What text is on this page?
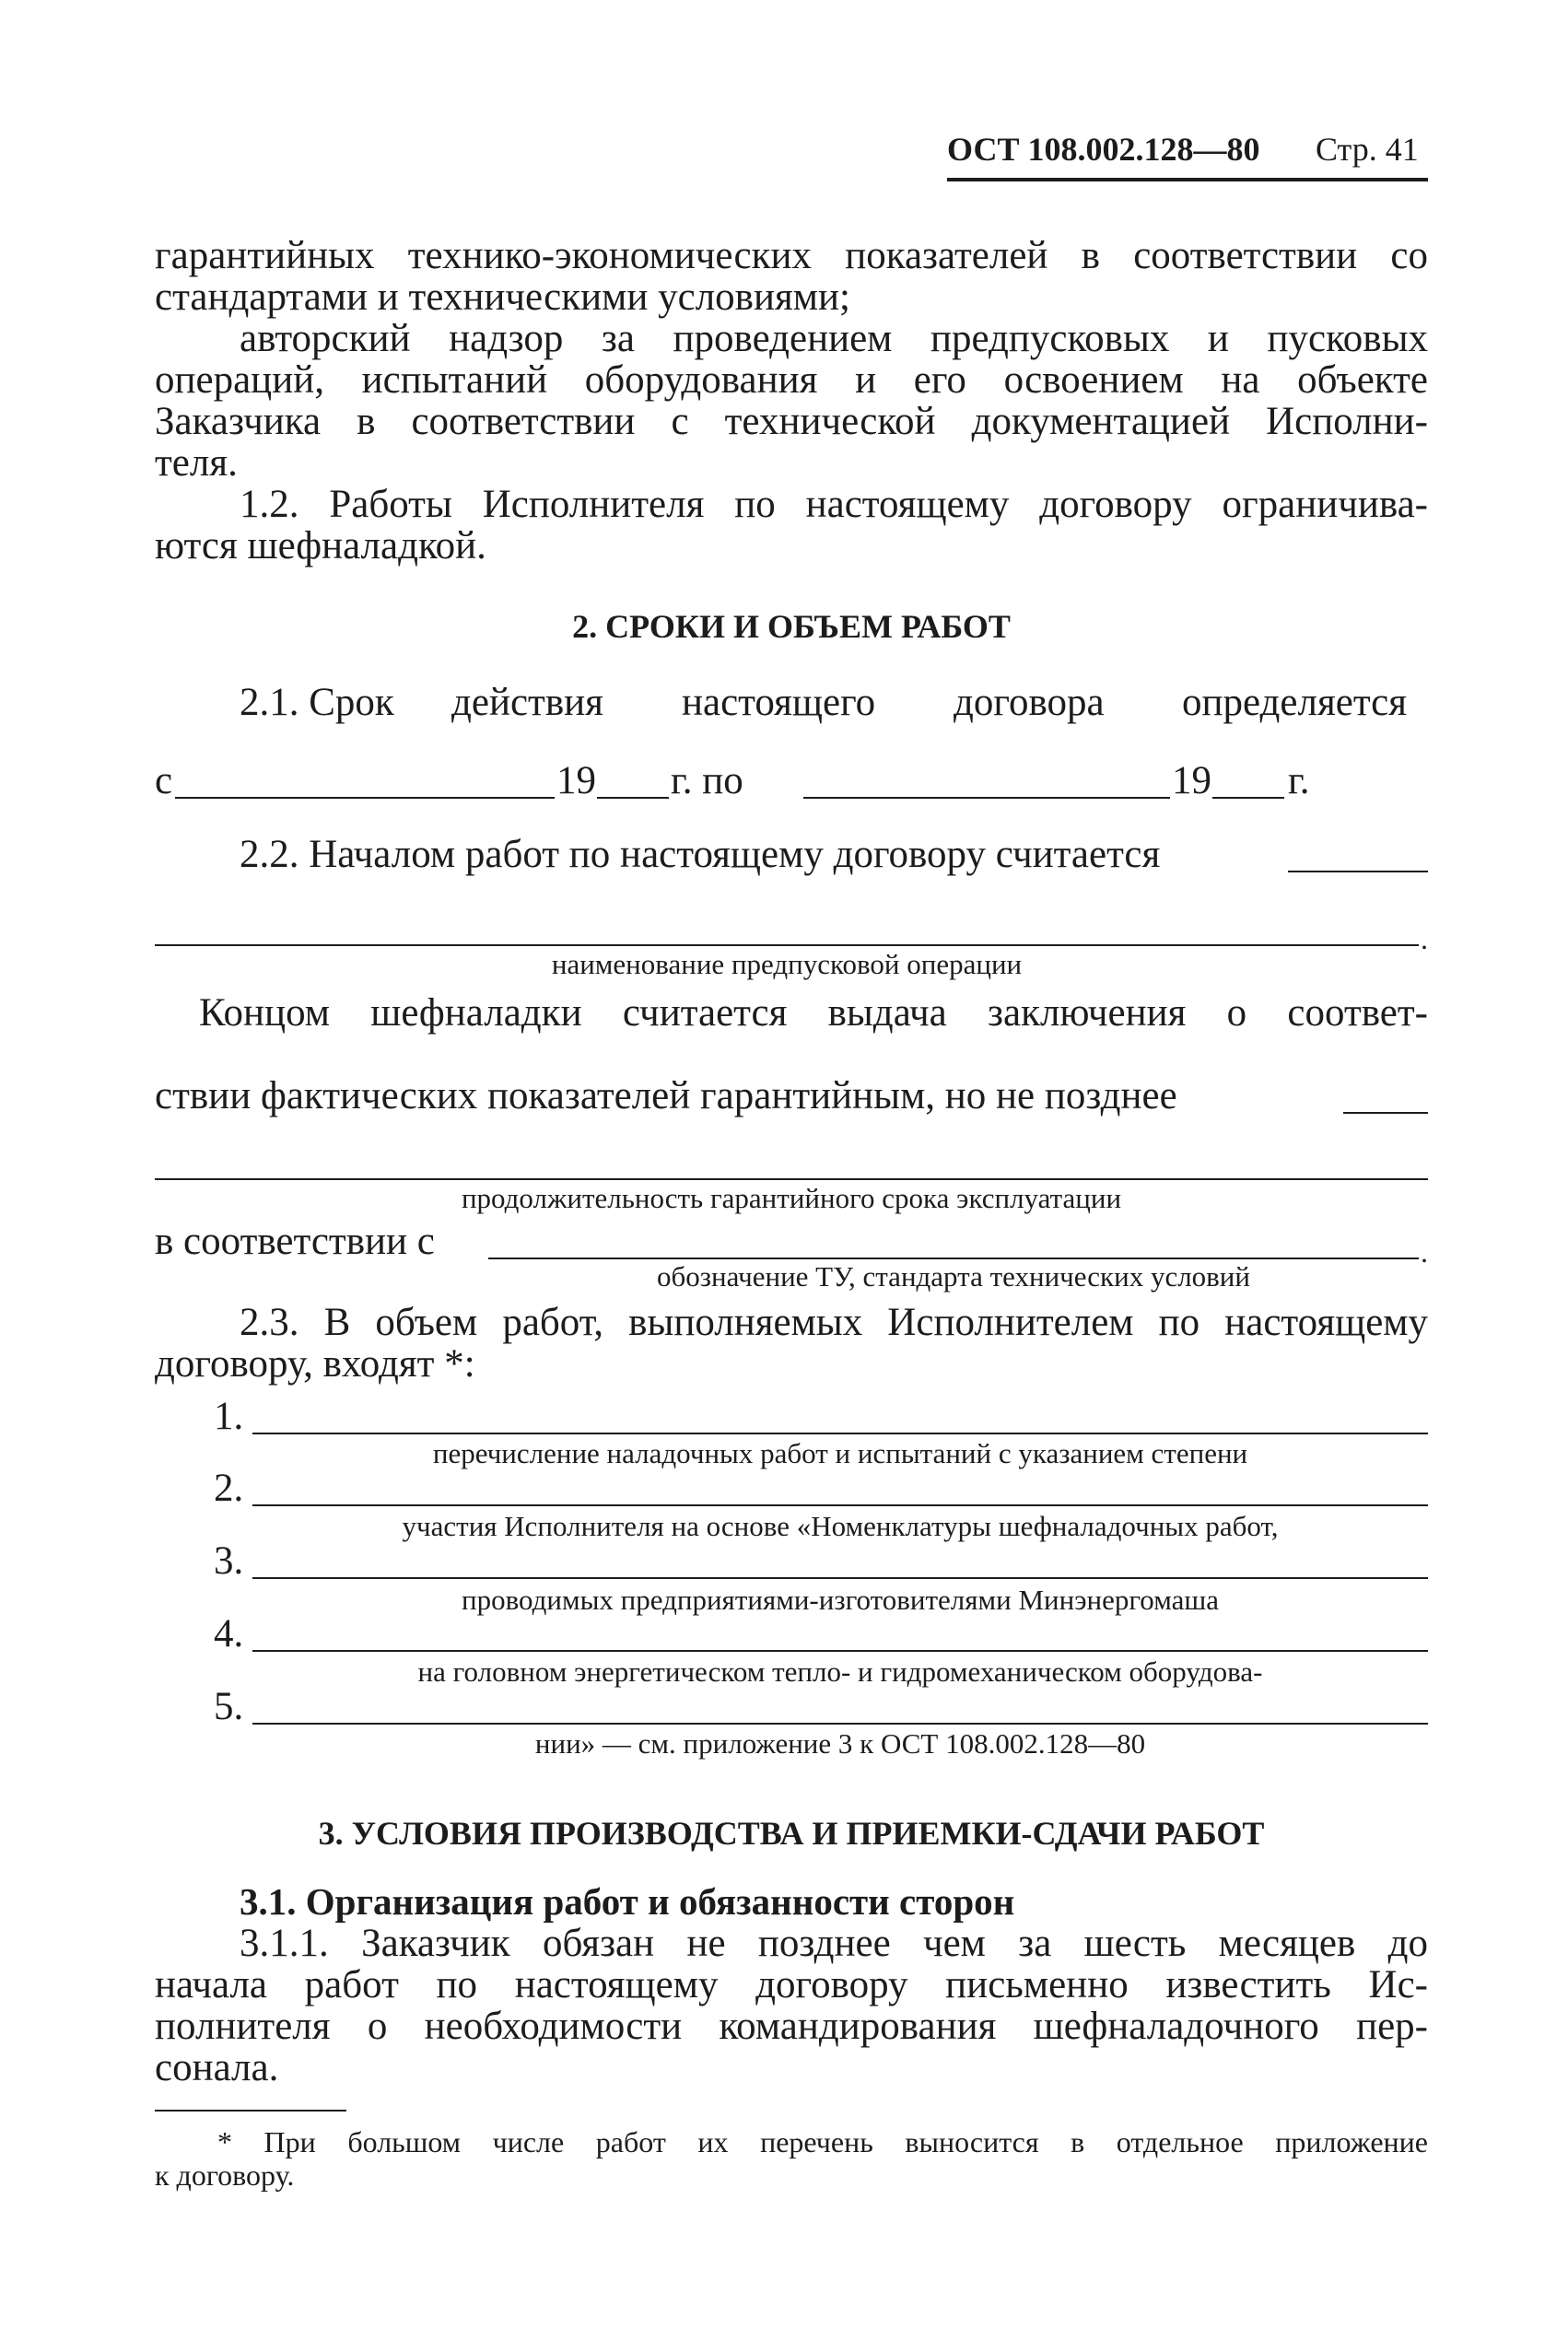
ОСТ 108.002.128—80 Стр. 41
гарантийных технико-экономических показателей в соответствии со
стандартами и техническими условиями;
авторский надзор за проведением предпусковых и пусковых
операций, испытаний оборудования и его освоением на объекте
Заказчика в соответствии с технической документацией Исполни-
теля.
1.2. Работы Исполнителя по настоящему договору ограничива-
ются шефналадкой.
2. СРОКИ И ОБЪЕМ РАБОТ
2.1. Срок действия настоящего договора определяется
с	19 г. по	19 г.
2.2. Началом работ по настоящему договору считается
.
наименование предпусковой операции
Концом шефналадки считается выдача заключения о соответ-
ствии фактических показателей гарантийным, но не позднее
продолжительность гарантийного срока эксплуатации
в соответствии с	.
обозначение ТУ, стандарта технических условий
2.3. В объем работ, выполняемых Исполнителем по настоящему
договору, входят *:
1.
перечисление наладочных работ и испытаний с указанием степени
2.
участия Исполнителя на основе «Номенклатуры шефналадочных работ,
3.
проводимых предприятиями-изготовителями Минэнергомаша
4.
на головном энергетическом тепло- и гидромеханическом оборудова-
5.
нии» — см. приложение 3 к ОСТ 108.002.128—80
3. УСЛОВИЯ ПРОИЗВОДСТВА И ПРИЕМКИ-СДАЧИ РАБОТ
3.1. Организация работ и обязанности сторон
3.1.1. Заказчик обязан не позднее чем за шесть месяцев до
начала работ по настоящему договору письменно известить Ис-
полнителя о необходимости командирования шефналадочного пер-
сонала.
* При большом числе работ их перечень выносится в отдельное приложение
к договору.
